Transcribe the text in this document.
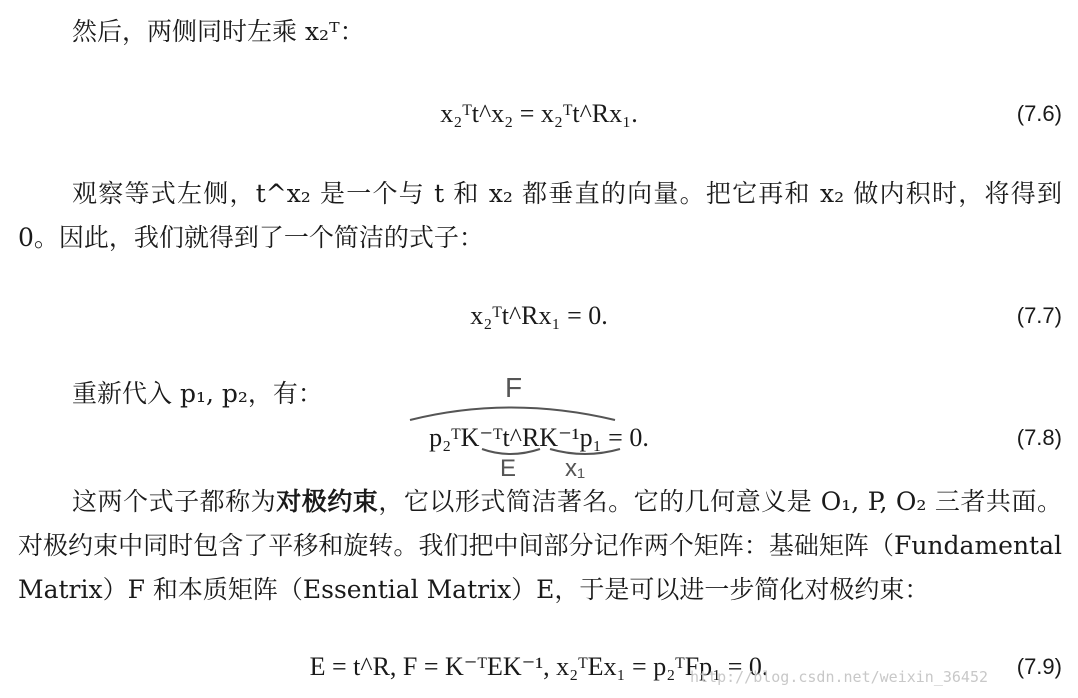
然后，两侧同时左乘 x₂ᵀ：

x₂ᵀt^x₂ = x₂ᵀt^Rx₁.	(7.6)

观察等式左侧，t^x₂ 是一个与 t 和 x₂ 都垂直的向量。把它再和 x₂ 做内积时，将得到 0。因此，我们就得到了一个简洁的式子：

x₂ᵀt^Rx₁ = 0.	(7.7)

重新代入 p₁, p₂，有：	F
E x₁
p₂ᵀK⁻ᵀt^RK⁻¹p₁ = 0.	(7.8)

这两个式子都称为对极约束，它以形式简洁著名。它的几何意义是 O₁, P, O₂ 三者共面。对极约束中同时包含了平移和旋转。我们把中间部分记作两个矩阵：基础矩阵（Fundamental Matrix）F 和本质矩阵（Essential Matrix）E，于是可以进一步简化对极约束：

E = t^R, F = K⁻ᵀEK⁻¹, x₂ᵀEx₁ = p₂ᵀFp₁ = 0.	(7.9)
http://blog.csdn.net/weixin_36452
